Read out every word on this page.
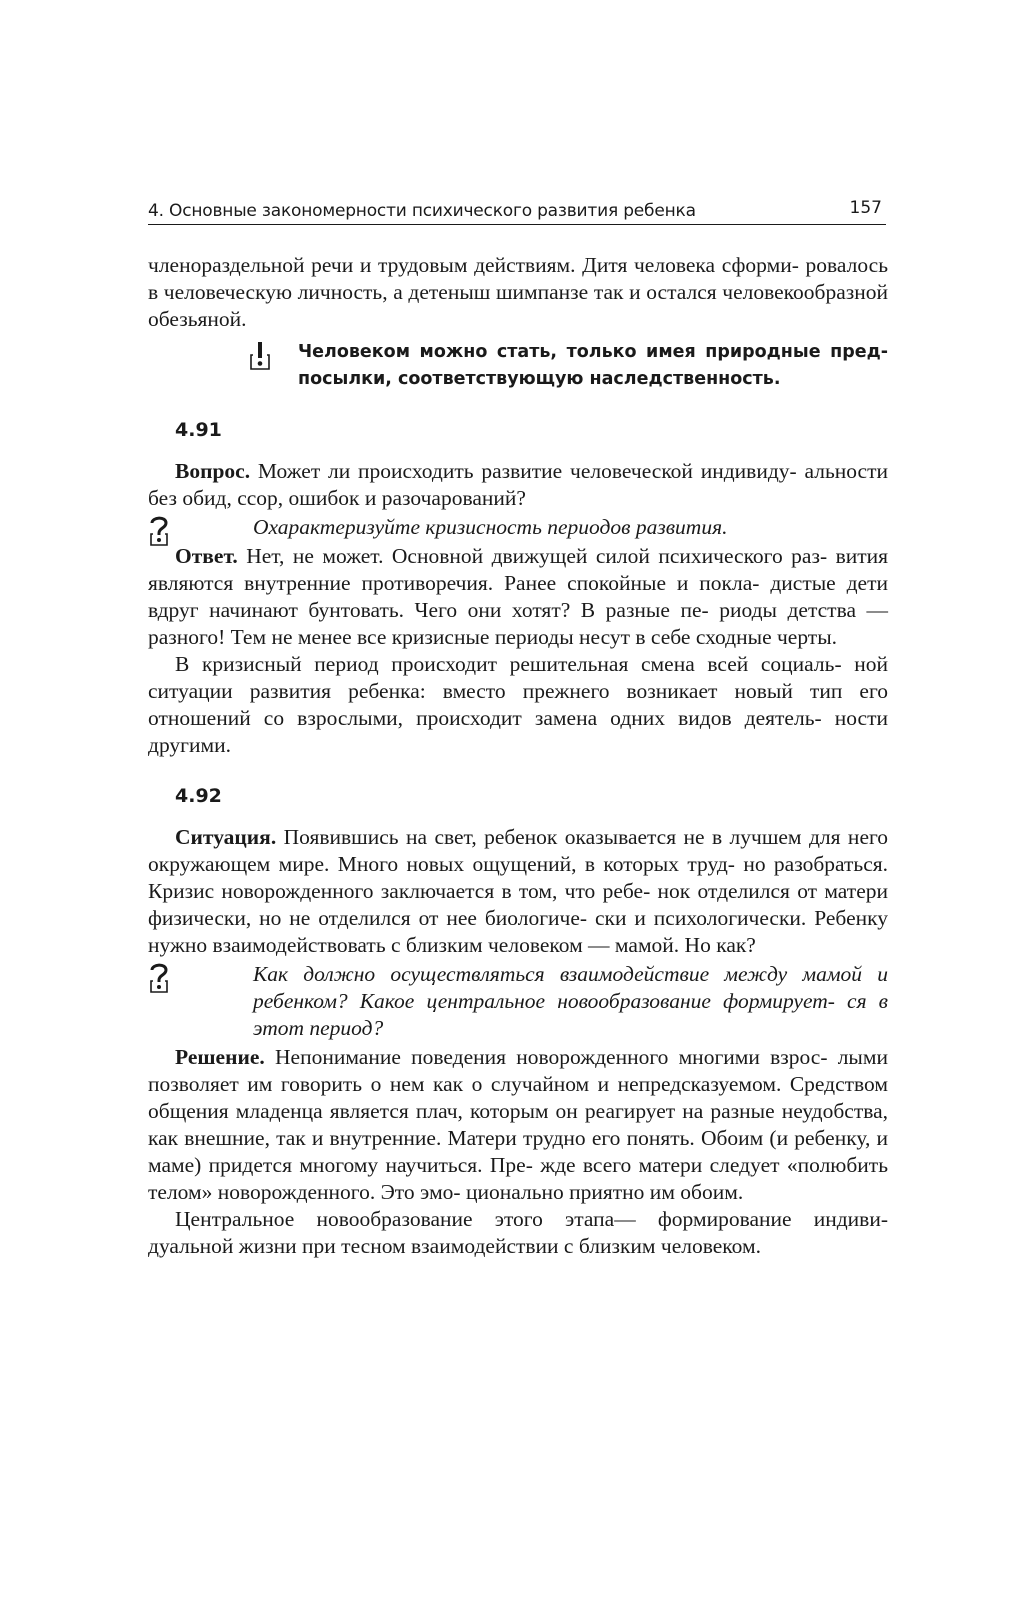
4. Основные закономерности психического развития ребенка	157

членораздельной речи и трудовым действиям. Дитя человека сформи- ровалось в человеческую личность, а детеныш шимпанзе так и остался человекообразной обезьяной.

Человеком можно стать, только имея природные пред- посылки, соответствующую наследственность.
4.91

Вопрос. Может ли происходить развитие человеческой индивиду- альности без обид, ссор, ошибок и разочарований?

Охарактеризуйте кризисность периодов развития.

Ответ. Нет, не может. Основной движущей силой психического раз- вития являются внутренние противоречия. Ранее спокойные и покла- дистые дети вдруг начинают бунтовать. Чего они хотят? В разные пе- риоды детства — разного! Тем не менее все кризисные периоды несут в себе сходные черты.

В кризисный период происходит решительная смена всей социаль- ной ситуации развития ребенка: вместо прежнего возникает новый тип его отношений со взрослыми, происходит замена одних видов деятель- ности другими.

4.92

Ситуация. Появившись на свет, ребенок оказывается не в лучшем для него окружающем мире. Много новых ощущений, в которых труд- но разобраться. Кризис новорожденного заключается в том, что ребе- нок отделился от матери физически, но не отделился от нее биологиче- ски и психологически. Ребенку нужно взаимодействовать с близким человеком — мамой. Но как?

Как должно осуществляться взаимодействие между мамой и ребенком? Какое центральное новообразование формирует- ся в этот период?

Решение. Непонимание поведения новорожденного многими взрос- лыми позволяет им говорить о нем как о случайном и непредсказуемом. Средством общения младенца является плач, которым он реагирует на разные неудобства, как внешние, так и внутренние. Матери трудно его понять. Обоим (и ребенку, и маме) придется многому научиться. Пре- жде всего матери следует «полюбить телом» новорожденного. Это эмо- ционально приятно им обоим.

Центральное новообразование этого этапа— формирование индиви- дуальной жизни при тесном взаимодействии с близким человеком.
